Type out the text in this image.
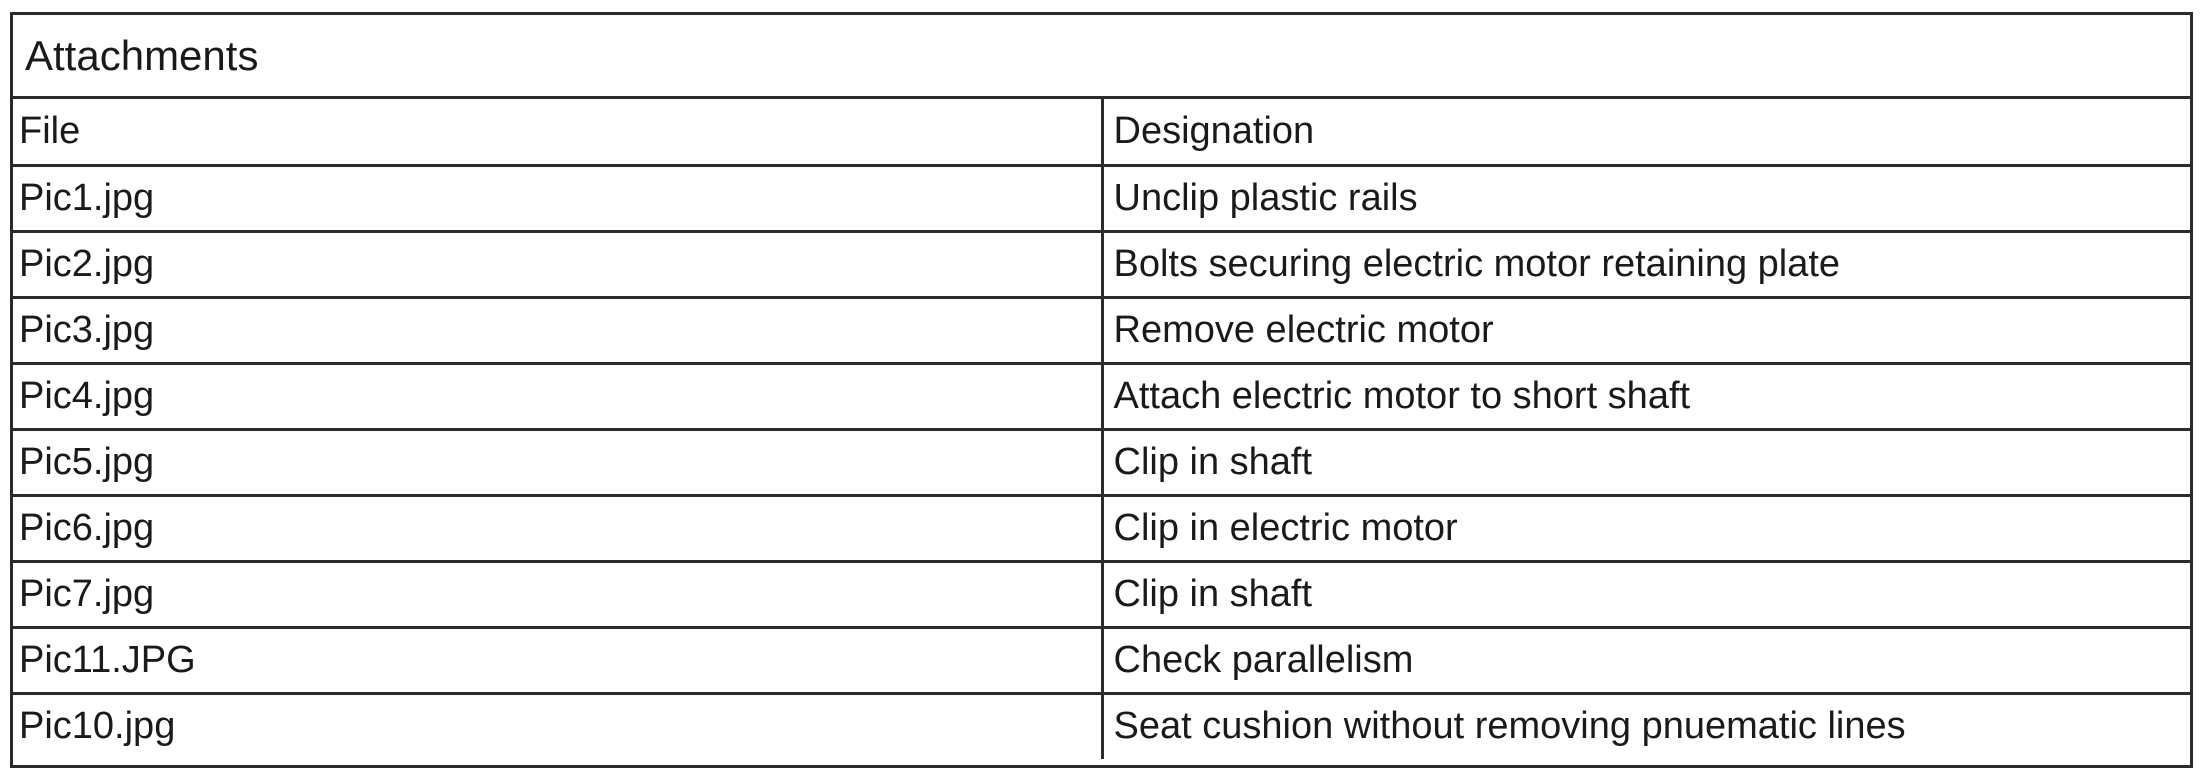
Attachments
File	Designation
Pic1.jpg	Unclip plastic rails
Pic2.jpg	Bolts securing electric motor retaining plate
Pic3.jpg	Remove electric motor
Pic4.jpg	Attach electric motor to short shaft
Pic5.jpg	Clip in shaft
Pic6.jpg	Clip in electric motor
Pic7.jpg	Clip in shaft
Pic11.JPG	Check parallelism
Pic10.jpg	Seat cushion without removing pnuematic lines
